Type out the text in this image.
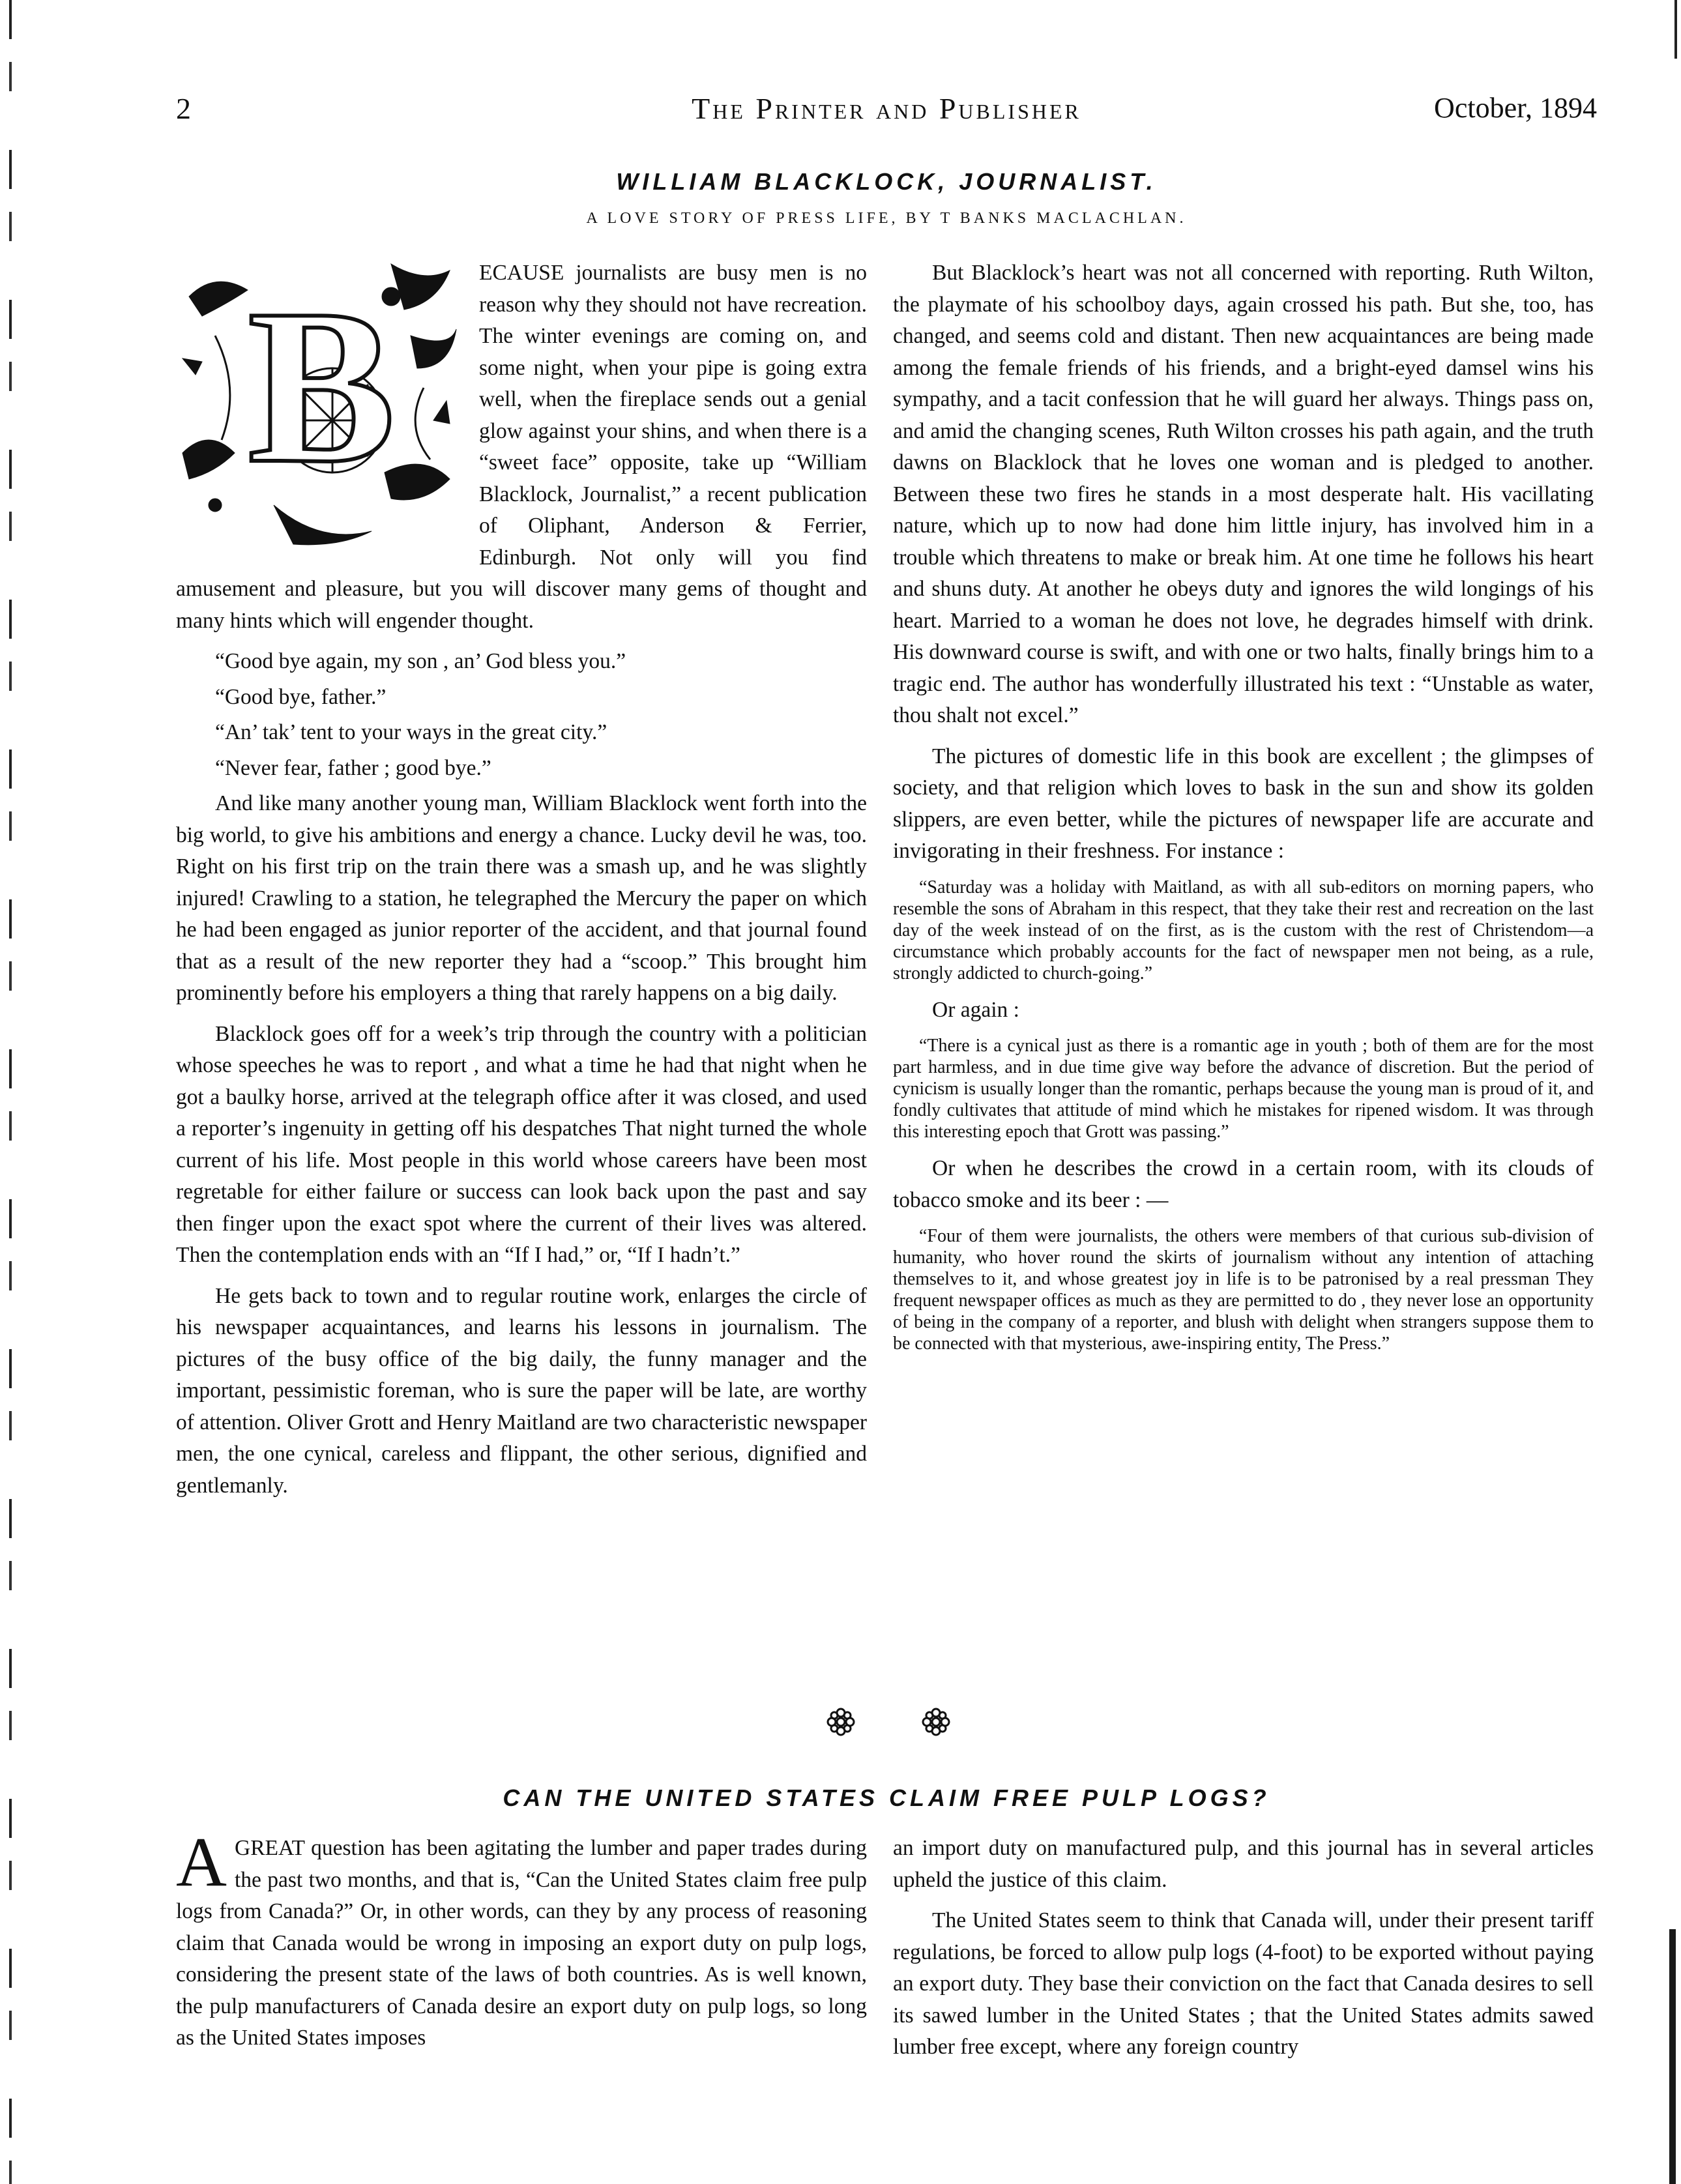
2	The Printer and Publisher	October, 1894
WILLIAM BLACKLOCK, JOURNALIST.
A LOVE STORY OF PRESS LIFE, BY T BANKS MACLACHLAN.
B	ECAUSE journalists are busy men is no reason why they should not have recreation. The winter evenings are coming on, and some night, when your pipe is going extra well, when the fireplace sends out a genial glow against your shins, and when there is a “sweet face” opposite, take up “William Blacklock, Journalist,” a recent publication of Oliphant, Anderson & Ferrier, Edinburgh. Not only will you find amusement and pleasure, but you will discover many gems of thought and many hints which will engender thought.

“Good bye again, my son , an’ God bless you.”

“Good bye, father.”

“An’ tak’ tent to your ways in the great city.”

“Never fear, father ; good bye.”

And like many another young man, William Blacklock went forth into the big world, to give his ambitions and energy a chance. Lucky devil he was, too. Right on his first trip on the train there was a smash up, and he was slightly injured! Crawling to a station, he telegraphed the Mercury the paper on which he had been engaged as junior reporter of the accident, and that journal found that as a result of the new reporter they had a “scoop.” This brought him prominently before his employers a thing that rarely happens on a big daily.

Blacklock goes off for a week’s trip through the country with a politician whose speeches he was to report , and what a time he had that night when he got a baulky horse, arrived at the telegraph office after it was closed, and used a reporter’s ingenuity in getting off his despatches That night turned the whole current of his life. Most people in this world whose careers have been most regretable for either failure or success can look back upon the past and say then finger upon the exact spot where the current of their lives was altered. Then the contemplation ends with an “If I had,” or, “If I hadn’t.”

He gets back to town and to regular routine work, enlarges the circle of his newspaper acquaintances, and learns his lessons in journalism. The pictures of the busy office of the big daily, the funny manager and the important, pessimistic foreman, who is sure the paper will be late, are worthy of attention. Oliver Grott and Henry Maitland are two characteristic newspaper men, the one cynical, careless and flippant, the other serious, dignified and gentlemanly.

But Blacklock’s heart was not all concerned with reporting. Ruth Wilton, the playmate of his schoolboy days, again crossed his path. But she, too, has changed, and seems cold and distant. Then new acquaintances are being made among the female friends of his friends, and a bright-eyed damsel wins his sympathy, and a tacit confession that he will guard her always. Things pass on, and amid the changing scenes, Ruth Wilton crosses his path again, and the truth dawns on Blacklock that he loves one woman and is pledged to another. Between these two fires he stands in a most desperate halt. His vacillating nature, which up to now had done him little injury, has involved him in a trouble which threatens to make or break him. At one time he follows his heart and shuns duty. At another he obeys duty and ignores the wild longings of his heart. Married to a woman he does not love, he degrades himself with drink. His downward course is swift, and with one or two halts, finally brings him to a tragic end. The author has wonderfully illustrated his text : “Unstable as water, thou shalt not excel.”

The pictures of domestic life in this book are excellent ; the glimpses of society, and that religion which loves to bask in the sun and show its golden slippers, are even better, while the pictures of newspaper life are accurate and invigorating in their freshness. For instance :

“Saturday was a holiday with Maitland, as with all sub-editors on morning papers, who resemble the sons of Abraham in this respect, that they take their rest and recreation on the last day of the week instead of on the first, as is the custom with the rest of Christendom—a circumstance which probably accounts for the fact of newspaper men not being, as a rule, strongly addicted to church-going.”

Or again :

“There is a cynical just as there is a romantic age in youth ; both of them are for the most part harmless, and in due time give way before the advance of discretion. But the period of cynicism is usually longer than the romantic, perhaps because the young man is proud of it, and fondly cultivates that attitude of mind which he mistakes for ripened wisdom. It was through this interesting epoch that Grott was passing.”

Or when he describes the crowd in a certain room, with its clouds of tobacco smoke and its beer : —

“Four of them were journalists, the others were members of that curious sub-division of humanity, who hover round the skirts of journalism without any intention of attaching themselves to it, and whose greatest joy in life is to be patronised by a real pressman They frequent newspaper offices as much as they are permitted to do , they never lose an opportunity of being in the company of a reporter, and blush with delight when strangers suppose them to be connected with that mysterious, awe-inspiring entity, The Press.”
CAN THE UNITED STATES CLAIM FREE PULP LOGS?

AGREAT question has been agitating the lumber and paper trades during the past two months, and that is, “Can the United States claim free pulp logs from Canada?” Or, in other words, can they by any process of reasoning claim that Canada would be wrong in imposing an export duty on pulp logs, considering the present state of the laws of both countries. As is well known, the pulp manufacturers of Canada desire an export duty on pulp logs, so long as the United States imposes

an import duty on manufactured pulp, and this journal has in several articles upheld the justice of this claim.

The United States seem to think that Canada will, under their present tariff regulations, be forced to allow pulp logs (4-foot) to be exported without paying an export duty. They base their conviction on the fact that Canada desires to sell its sawed lumber in the United States ; that the United States admits sawed lumber free except, where any foreign country
